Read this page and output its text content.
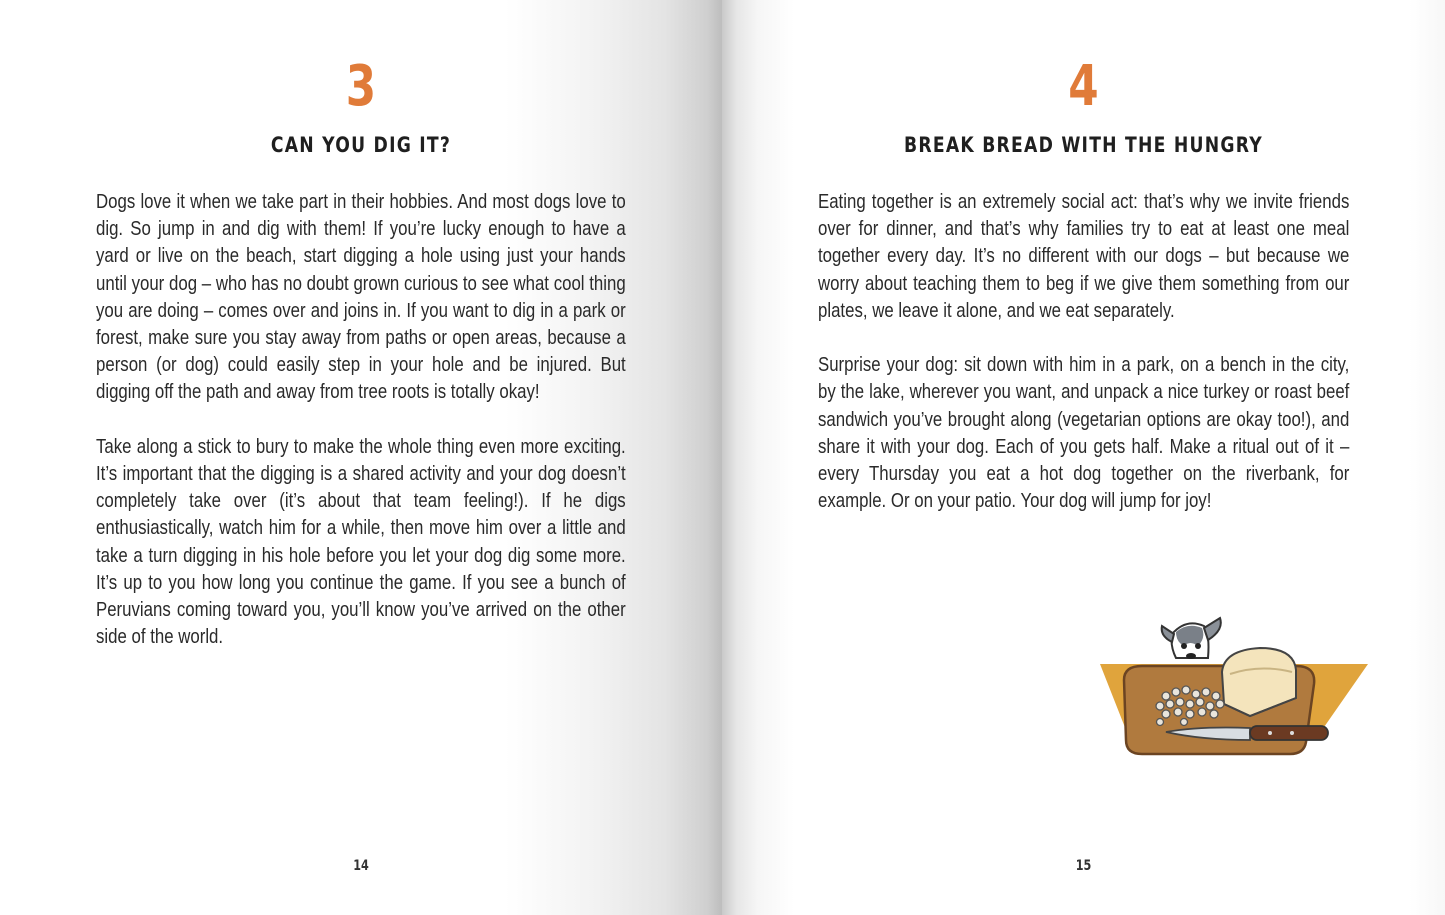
3
CAN YOU DIG IT?

Dogs love it when we take part in their hobbies. And most dogs love to dig. So jump in and dig with them! If you’re lucky enough to have a yard or live on the beach, start digging a hole using just your hands until your dog – who has no doubt grown curious to see what cool thing you are doing – comes over and joins in. If you want to dig in a park or forest, make sure you stay away from paths or open areas, because a person (or dog) could easily step in your hole and be injured. But digging off the path and away from tree roots is totally okay!

Take along a stick to bury to make the whole thing even more exciting. It’s important that the digging is a shared activity and your dog doesn’t completely take over (it’s about that team feeling!). If he digs enthusiastically, watch him for a while, then move him over a little and take a turn digging in his hole before you let your dog dig some more. It’s up to you how long you continue the game. If you see a bunch of Peruvians coming toward you, you’ll know you’ve arrived on the other side of the world.

14
4
BREAK BREAD WITH THE HUNGRY

Eating together is an extremely social act: that’s why we invite friends over for dinner, and that’s why families try to eat at least one meal together every day. It’s no different with our dogs – but because we worry about teaching them to beg if we give them something from our plates, we leave it alone, and we eat separately.

Surprise your dog: sit down with him in a park, on a bench in the city, by the lake, wherever you want, and unpack a nice turkey or roast beef sandwich you’ve brought along (vegetarian options are okay too!), and share it with your dog. Each of you gets half. Make a ritual out of it – every Thursday you eat a hot dog together on the riverbank, for example. Or on your patio. Your dog will jump for joy!

15
